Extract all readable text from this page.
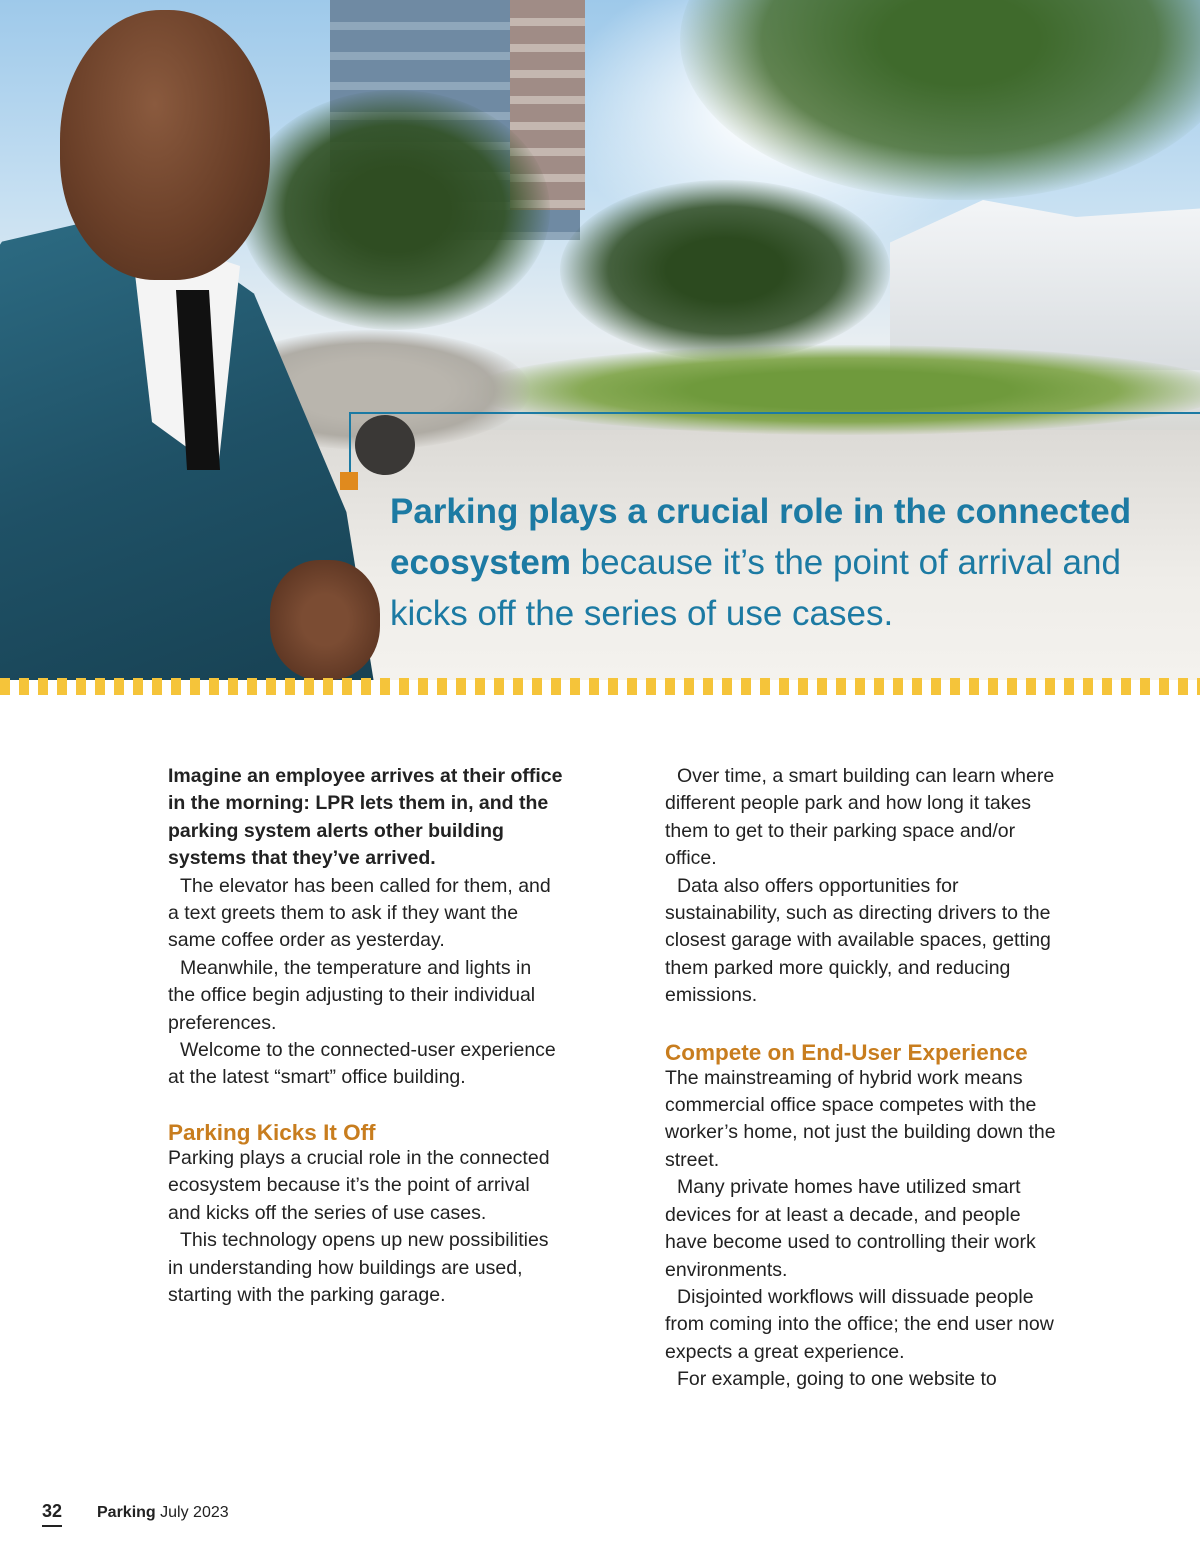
Parking plays a crucial role in the connected ecosystem because it’s the point of arrival and kicks off the series of use cases.

Imagine an employee arrives at their office in the morning: LPR lets them in, and the parking system alerts other building systems that they’ve arrived.

The elevator has been called for them, and a text greets them to ask if they want the same coffee order as yesterday.

Meanwhile, the temperature and lights in the office begin adjusting to their individual preferences.

Welcome to the connected-user experience at the latest “smart” office building.

Parking Kicks It Off

Parking plays a crucial role in the connected ecosystem because it’s the point of arrival and kicks off the series of use cases.

This technology opens up new possibilities in understanding how buildings are used, starting with the parking garage.

Over time, a smart building can learn where different people park and how long it takes them to get to their parking space and/or office.

Data also offers opportunities for sustainability, such as directing drivers to the closest garage with available spaces, getting them parked more quickly, and reducing emissions.

Compete on End-User Experience

The mainstreaming of hybrid work means commercial office space competes with the worker’s home, not just the building down the street.

Many private homes have utilized smart devices for at least a decade, and people have become used to controlling their work environments.

Disjointed workflows will dissuade people from coming into the office; the end user now expects a great experience.

For example, going to one website to

32 Parking July 2023
